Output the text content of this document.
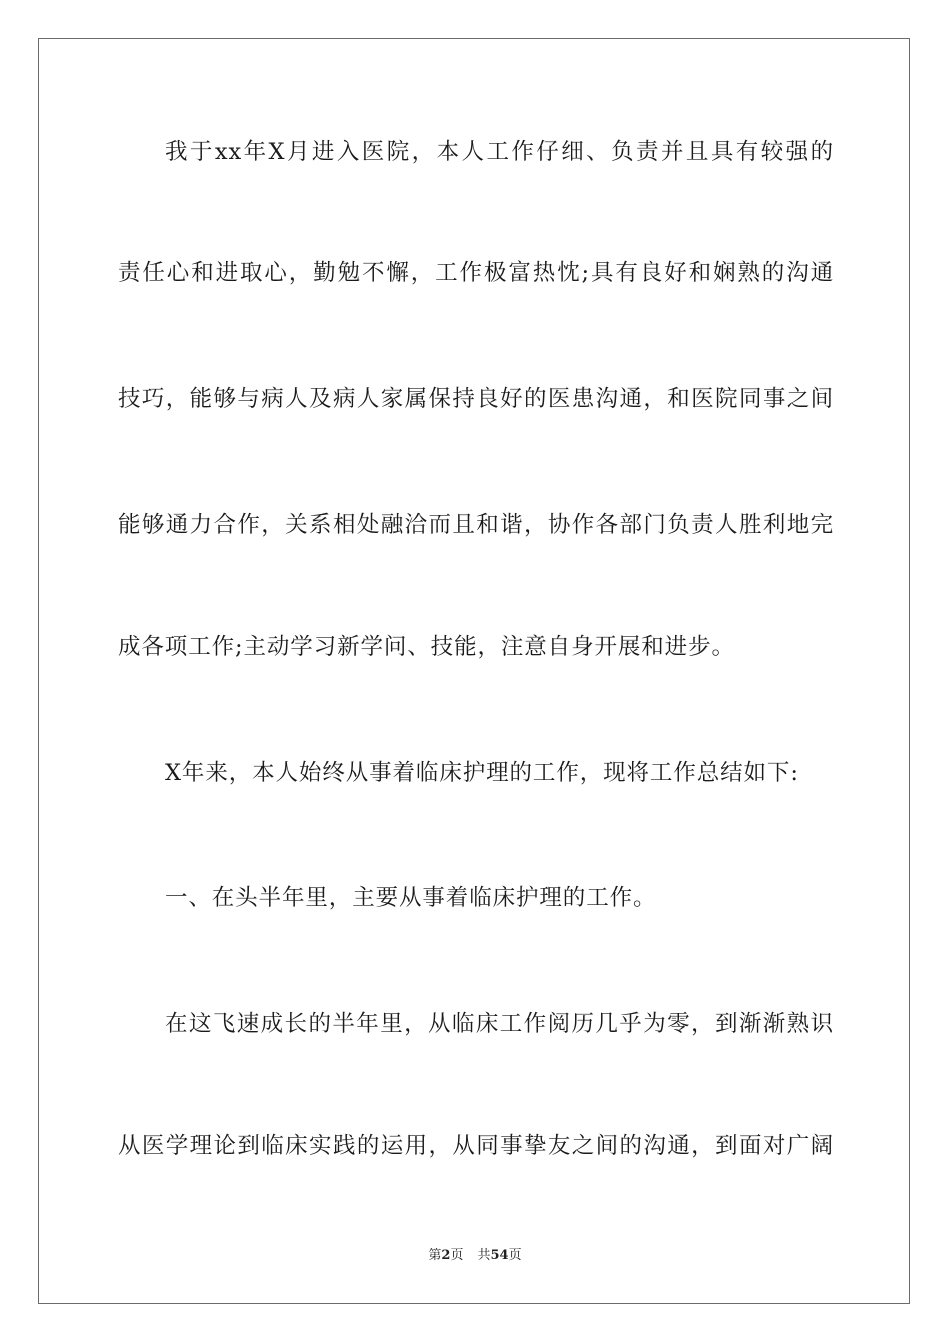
我于xx年X月进入医院，本人工作仔细、负责并且具有较强的
责任心和进取心，勤勉不懈，工作极富热忱;具有良好和娴熟的沟通
技巧，能够与病人及病人家属保持良好的医患沟通，和医院同事之间
能够通力合作，关系相处融洽而且和谐，协作各部门负责人胜利地完
成各项工作;主动学习新学问、技能，注意自身开展和进步。
X年来，本人始终从事着临床护理的工作，现将工作总结如下:
一、在头半年里，主要从事着临床护理的工作。
在这飞速成长的半年里，从临床工作阅历几乎为零，到渐渐熟识
从医学理论到临床实践的运用，从同事挚友之间的沟通，到面对广阔
第2页 共54页
